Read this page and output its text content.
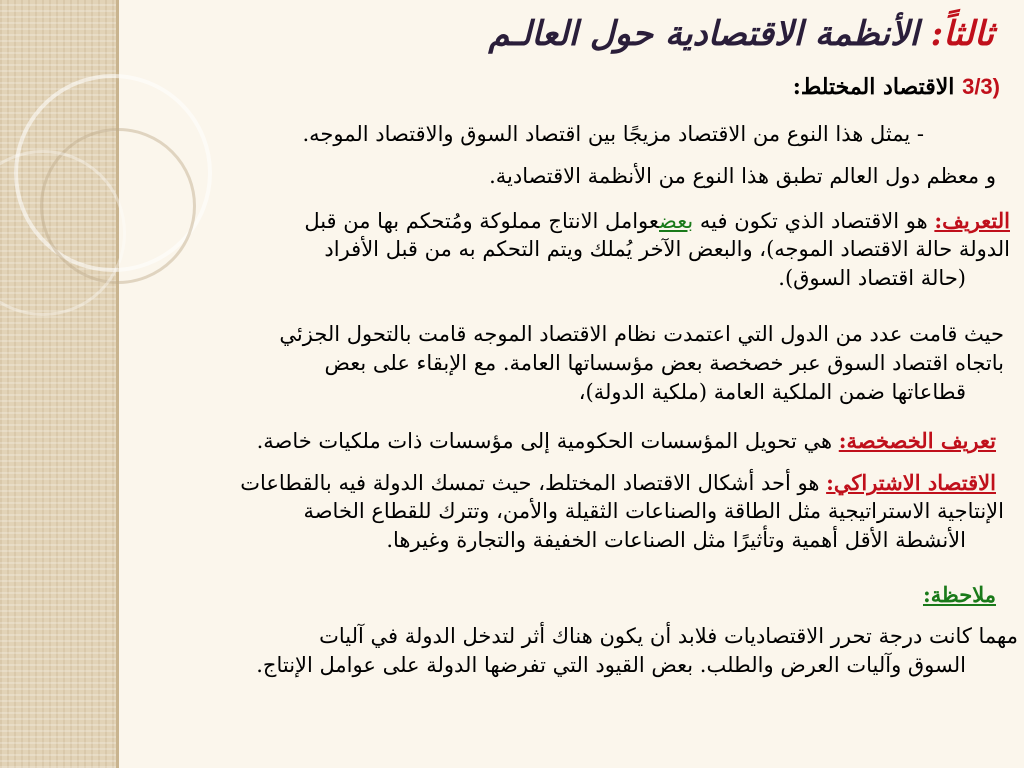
ثالثاً: الأنظمة الاقتصادية حول العالـم
(3/3 الاقتصاد المختلط:
- يمثل هذا النوع من الاقتصاد مزيجًا بين اقتصاد السوق والاقتصاد الموجه.
و معظم دول العالم تطبق هذا النوع من الأنظمة الاقتصادية.
التعريف: هو الاقتصاد الذي تكون فيه بعضعوامل الانتاج مملوكة ومُتحكم بها من قبل
الدولة حالة الاقتصاد الموجه)، والبعض الآخر يُملك ويتم التحكم به من قبل الأفراد
(حالة اقتصاد السوق).
حيث قامت عدد من الدول التي اعتمدت نظام الاقتصاد الموجه قامت بالتحول الجزئي
باتجاه اقتصاد السوق عبر خصخصة بعض مؤسساتها العامة. مع الإبقاء على بعض
قطاعاتها ضمن الملكية العامة (ملكية الدولة)،
تعريف الخصخصة: هي تحويل المؤسسات الحكومية إلى مؤسسات ذات ملكيات خاصة.
الاقتصاد الاشتراكي: هو أحد أشكال الاقتصاد المختلط، حيث تمسك الدولة فيه بالقطاعات
الإنتاجية الاستراتيجية مثل الطاقة والصناعات الثقيلة والأمن، وتترك للقطاع الخاصة
الأنشطة الأقل أهمية وتأثيرًا مثل الصناعات الخفيفة والتجارة وغيرها.
ملاحظة:
مهما كانت درجة تحرر الاقتصاديات فلابد أن يكون هناك أثر لتدخل الدولة في آليات
السوق وآليات العرض والطلب. بعض القيود التي تفرضها الدولة على عوامل الإنتاج.
